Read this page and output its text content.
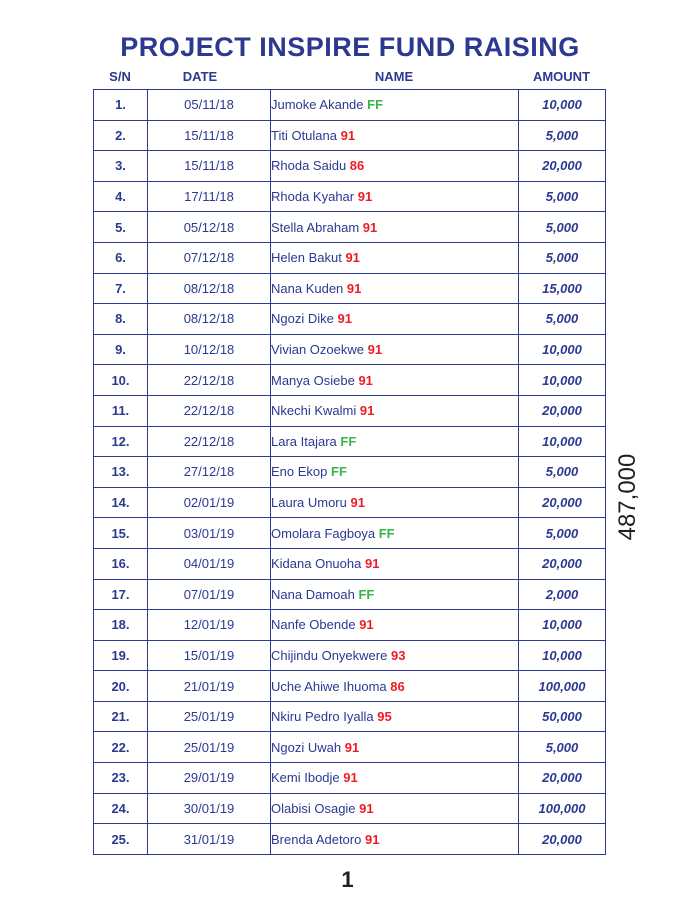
PROJECT INSPIRE FUND RAISING
S/N	DATE	NAME	AMOUNT
1.	05/11/18	Jumoke Akande FF	10,000
2.	15/11/18	Titi Otulana 91	5,000
3.	15/11/18	Rhoda Saidu 86	20,000
4.	17/11/18	Rhoda Kyahar 91	5,000
5.	05/12/18	Stella Abraham 91	5,000
6.	07/12/18	Helen Bakut 91	5,000
7.	08/12/18	Nana Kuden 91	15,000
8.	08/12/18	Ngozi Dike 91	5,000
9.	10/12/18	Vivian Ozoekwe 91	10,000
10.	22/12/18	Manya Osiebe 91	10,000
11.	22/12/18	Nkechi Kwalmi 91	20,000
12.	22/12/18	Lara Itajara FF	10,000
13.	27/12/18	Eno Ekop FF	5,000
14.	02/01/19	Laura Umoru 91	20,000
15.	03/01/19	Omolara Fagboya FF	5,000
16.	04/01/19	Kidana Onuoha 91	20,000
17.	07/01/19	Nana Damoah FF	2,000
18.	12/01/19	Nanfe Obende 91	10,000
19.	15/01/19	Chijindu Onyekwere 93	10,000
20.	21/01/19	Uche Ahiwe Ihuoma 86	100,000
21.	25/01/19	Nkiru Pedro Iyalla 95	50,000
22.	25/01/19	Ngozi Uwah 91	5,000
23.	29/01/19	Kemi Ibodje 91	20,000
24.	30/01/19	Olabisi Osagie 91	100,000
25.	31/01/19	Brenda Adetoro 91	20,000
487,000
1
